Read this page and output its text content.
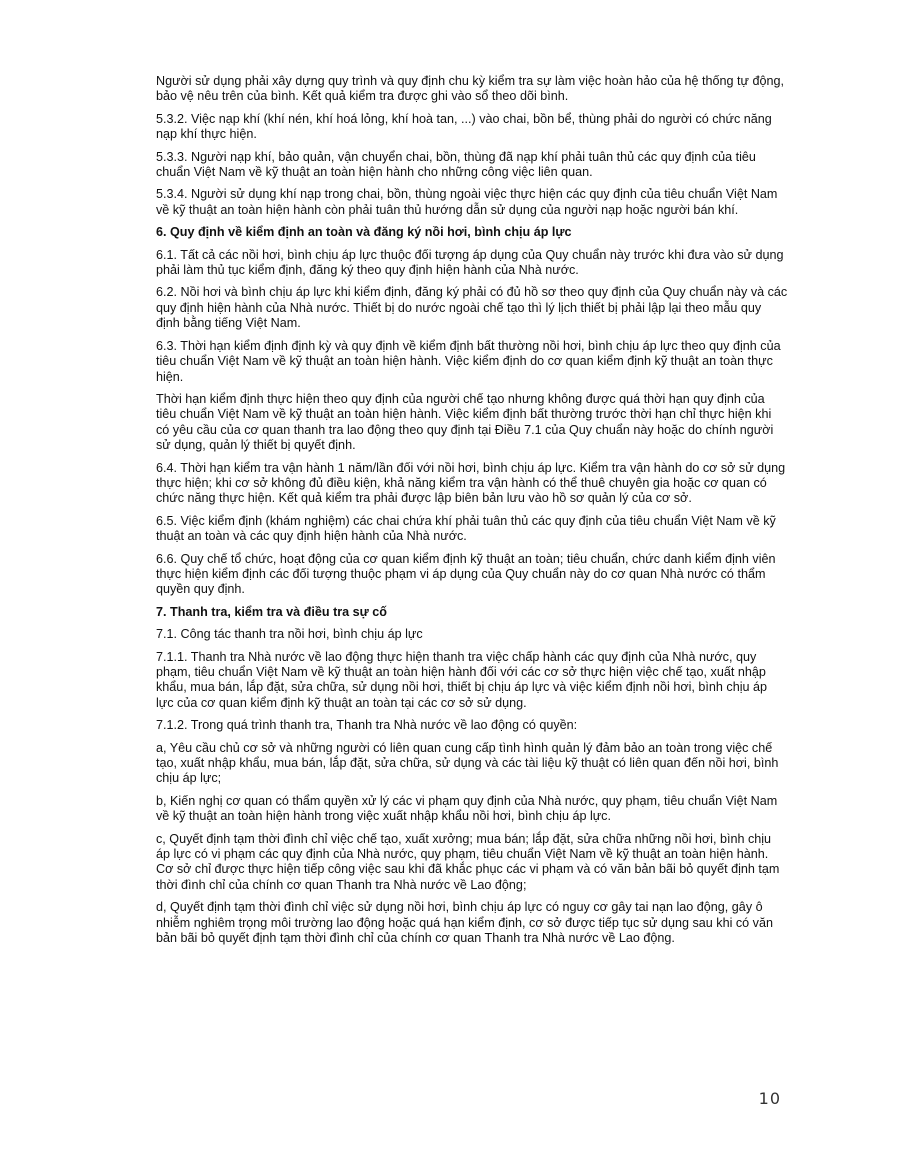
Người sử dụng phải xây dựng quy trình và quy định chu kỳ kiểm tra sự làm việc hoàn hảo của hệ thống tự động, bảo vệ nêu trên của bình. Kết quả kiểm tra được ghi vào sổ theo dõi bình.

5.3.2. Việc nạp khí (khí nén, khí hoá lỏng, khí hoà tan, ...) vào chai, bồn bể, thùng phải do người có chức năng nạp khí thực hiện.

5.3.3. Người nạp khí, bảo quản, vận chuyển chai, bồn, thùng đã nạp khí phải tuân thủ các quy định của tiêu chuẩn Việt Nam về kỹ thuật an toàn hiện hành cho những công việc liên quan.

5.3.4. Người sử dụng khí nạp trong chai, bồn, thùng ngoài việc thực hiện các quy định của tiêu chuẩn Việt Nam về kỹ thuật an toàn hiện hành còn phải tuân thủ hướng dẫn sử dụng của người nạp hoặc người bán khí.

6. Quy định về kiểm định an toàn và đăng ký nồi hơi, bình chịu áp lực

6.1. Tất cả các nồi hơi, bình chịu áp lực thuộc đối tượng áp dụng của Quy chuẩn này trước khi đưa vào sử dụng phải làm thủ tục kiểm định, đăng ký theo quy định hiện hành của Nhà nước.

6.2. Nồi hơi và bình chịu áp lực khi kiểm định, đăng ký phải có đủ hồ sơ theo quy định của Quy chuẩn này và các quy định hiện hành của Nhà nước. Thiết bị do nước ngoài chế tạo thì lý lịch thiết bị phải lập lại theo mẫu quy định bằng tiếng Việt Nam.

6.3. Thời hạn kiểm định định kỳ và quy định về kiểm định bất thường nồi hơi, bình chịu áp lực theo quy định của tiêu chuẩn Việt Nam về kỹ thuật an toàn hiện hành. Việc kiểm định do cơ quan kiểm định kỹ thuật an toàn thực hiện.

Thời hạn kiểm định thực hiện theo quy định của người chế tạo nhưng không được quá thời hạn quy định của tiêu chuẩn Việt Nam về kỹ thuật an toàn hiện hành. Việc kiểm định bất thường trước thời hạn chỉ thực hiện khi có yêu cầu của cơ quan thanh tra lao động theo quy định tại Điều 7.1 của Quy chuẩn này hoặc do chính người sử dụng, quản lý thiết bị quyết định.

6.4. Thời hạn kiểm tra vận hành 1 năm/lần đối với nồi hơi, bình chịu áp lực. Kiểm tra vận hành do cơ sở sử dụng thực hiện; khi cơ sở không đủ điều kiện, khả năng kiểm tra vận hành có thể thuê chuyên gia hoặc cơ quan có chức năng thực hiện. Kết quả kiểm tra phải được lập biên bản lưu vào hồ sơ quản lý của cơ sở.

6.5. Việc kiểm định (khám nghiệm) các chai chứa khí phải tuân thủ các quy định của tiêu chuẩn Việt Nam về kỹ thuật an toàn và các quy định hiện hành của Nhà nước.

6.6. Quy chế tổ chức, hoạt động của cơ quan kiểm định kỹ thuật an toàn; tiêu chuẩn, chức danh kiểm định viên thực hiện kiểm định các đối tượng thuộc phạm vi áp dụng của Quy chuẩn này do cơ quan Nhà nước có thẩm quyền quy định.

7. Thanh tra, kiểm tra và điều tra sự cố

7.1. Công tác thanh tra nồi hơi, bình chịu áp lực

7.1.1. Thanh tra Nhà nước về lao động thực hiện thanh tra việc chấp hành các quy định của Nhà nước, quy phạm, tiêu chuẩn Việt Nam về kỹ thuật an toàn hiện hành đối với các cơ sở thực hiện việc chế tạo, xuất nhập khẩu, mua bán, lắp đặt, sửa chữa, sử dụng nồi hơi, thiết bị chịu áp lực và việc kiểm định nồi hơi, bình chịu áp lực của cơ quan kiểm định kỹ thuật an toàn tại các cơ sở sử dụng.

7.1.2. Trong quá trình thanh tra, Thanh tra Nhà nước về lao động có quyền:

a, Yêu cầu chủ cơ sở và những người có liên quan cung cấp tình hình quản lý đảm bảo an toàn trong việc chế tạo, xuất nhập khẩu, mua bán, lắp đặt, sửa chữa, sử dụng và các tài liệu kỹ thuật có liên quan đến nồi hơi, bình chịu áp lực;

b, Kiến nghị cơ quan có thẩm quyền xử lý các vi phạm quy định của Nhà nước, quy phạm, tiêu chuẩn Việt Nam về kỹ thuật an toàn hiện hành trong việc xuất nhập khẩu nồi hơi, bình chịu áp lực.

c, Quyết định tạm thời đình chỉ việc chế tạo, xuất xưởng; mua bán; lắp đặt, sửa chữa những nồi hơi, bình chịu áp lực có vi phạm các quy định của Nhà nước, quy phạm, tiêu chuẩn Việt Nam về kỹ thuật an toàn hiện hành. Cơ sở chỉ được thực hiện tiếp công việc sau khi đã khắc phục các vi phạm và có văn bản bãi bỏ quyết định tạm thời đình chỉ của chính cơ quan Thanh tra Nhà nước về Lao động;

d, Quyết định tạm thời đình chỉ việc sử dụng nồi hơi, bình chịu áp lực có nguy cơ gây tai nạn lao động, gây ô nhiễm nghiêm trọng môi trường lao động hoặc quá hạn kiểm định, cơ sở được tiếp tục sử dụng sau khi có văn bản bãi bỏ quyết định tạm thời đình chỉ của chính cơ quan Thanh tra Nhà nước về Lao động.

10
